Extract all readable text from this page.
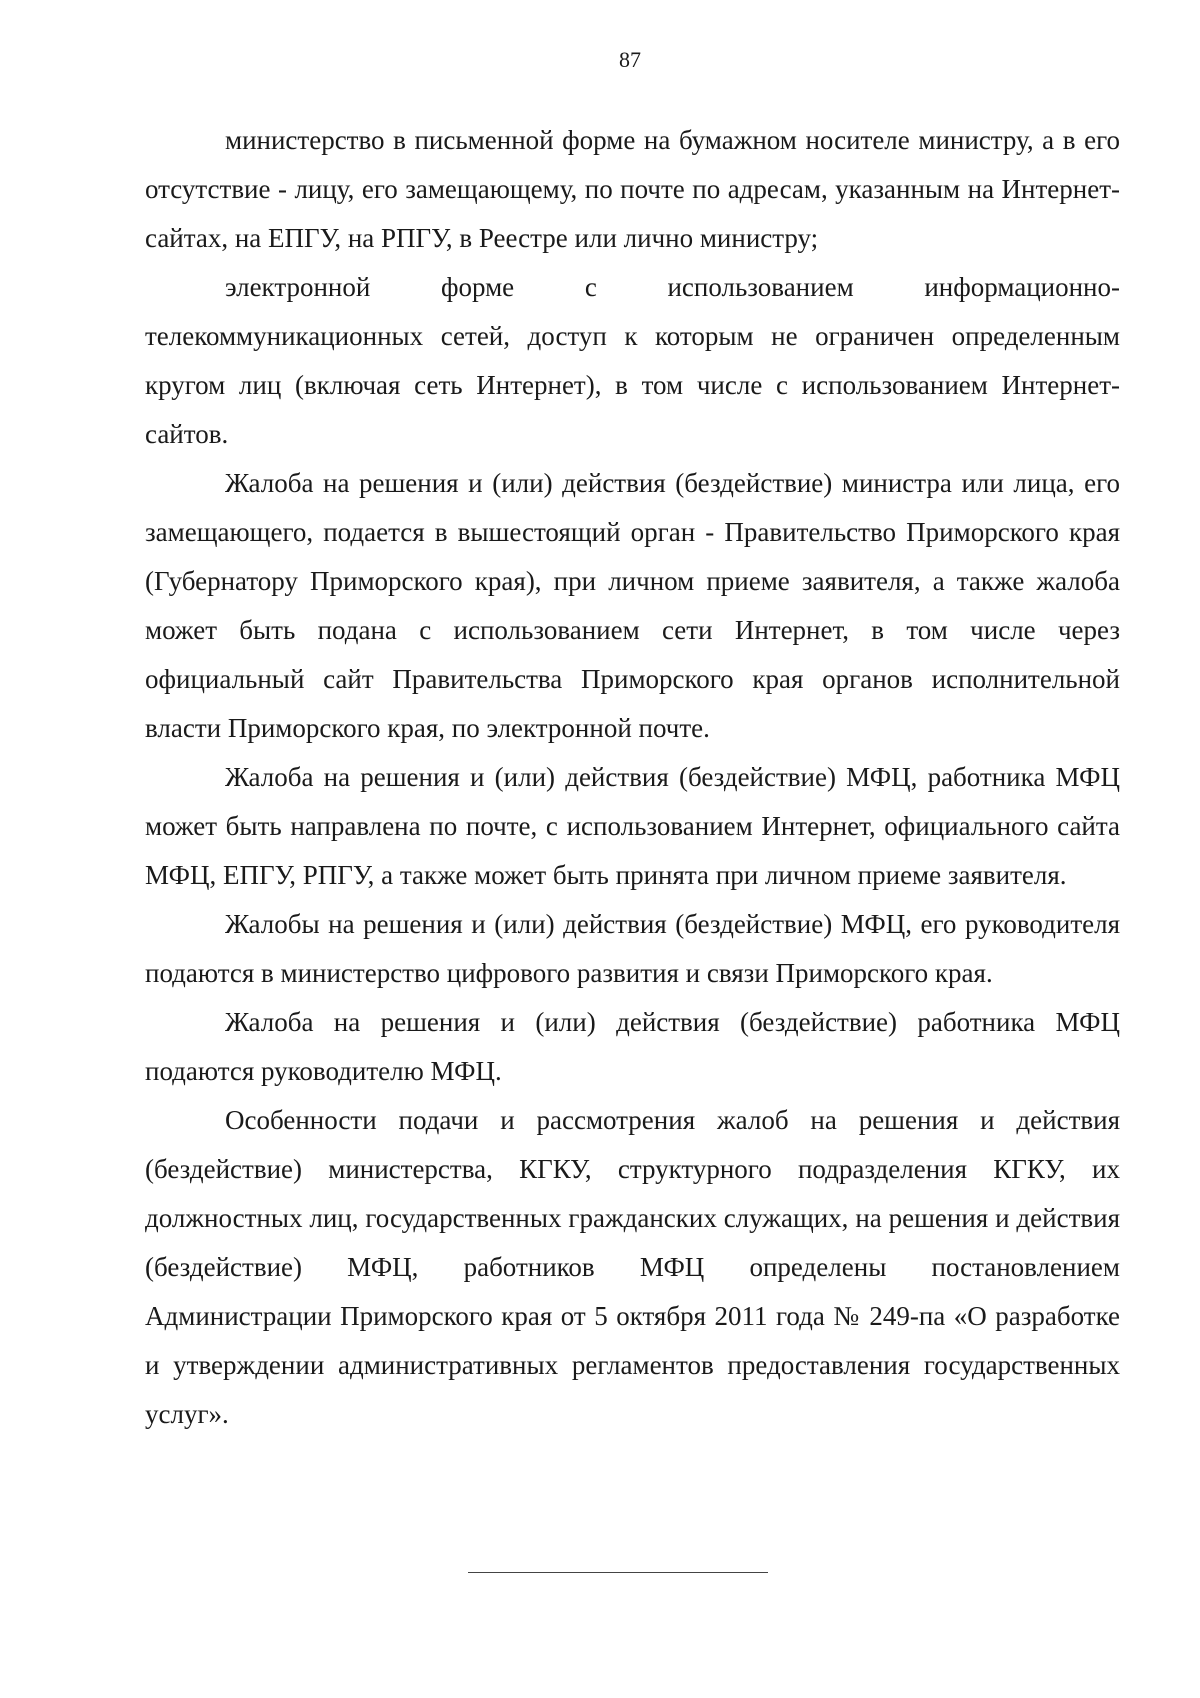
87

министерство в письменной форме на бумажном носителе министру, а в его отсутствие - лицу, его замещающему, по почте по адресам, указанным на Интернет-сайтах, на ЕПГУ, на РПГУ, в Реестре или лично министру;

электронной форме с использованием информационно-

телекоммуникационных сетей, доступ к которым не ограничен определенным кругом лиц (включая сеть Интернет), в том числе с использованием Интернет-сайтов.

Жалоба на решения и (или) действия (бездействие) министра или лица, его замещающего, подается в вышестоящий орган - Правительство Приморского края (Губернатору Приморского края), при личном приеме заявителя, а также жалоба может быть подана с использованием сети Интернет, в том числе через официальный сайт Правительства Приморского края органов исполнительной власти Приморского края, по электронной почте.

Жалоба на решения и (или) действия (бездействие) МФЦ, работника МФЦ может быть направлена по почте, с использованием Интернет, официального сайта МФЦ, ЕПГУ, РПГУ, а также может быть принята при личном приеме заявителя.

Жалобы на решения и (или) действия (бездействие) МФЦ, его руководителя подаются в министерство цифрового развития и связи Приморского края.

Жалоба на решения и (или) действия (бездействие) работника МФЦ подаются руководителю МФЦ.

Особенности подачи и рассмотрения жалоб на решения и действия (бездействие) министерства, КГКУ, структурного подразделения КГКУ, их должностных лиц, государственных гражданских служащих, на решения и действия (бездействие) МФЦ, работников МФЦ определены постановлением Администрации Приморского края от 5 октября 2011 года № 249-па «О разработке и утверждении административных регламентов предоставления государственных услуг».
